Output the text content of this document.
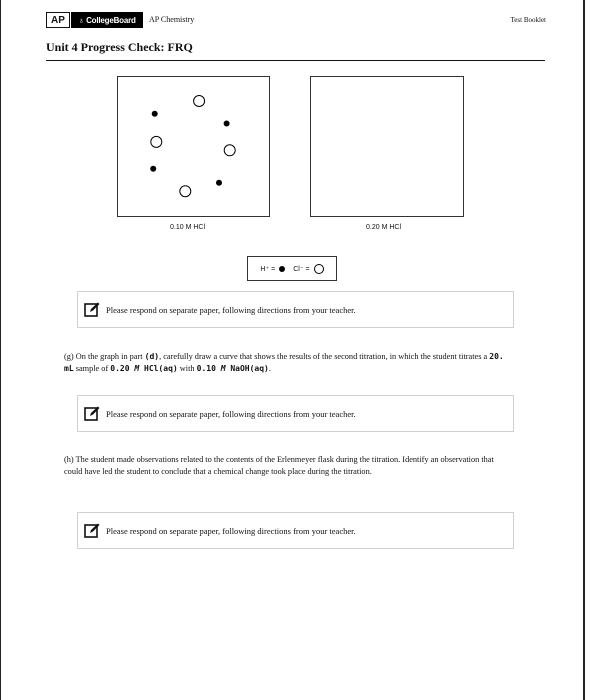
AP ♁ CollegeBoard AP Chemistry	Test Booklet
Unit 4 Progress Check: FRQ
0.10 M HCl	0.20 M HCl
H⁺ =	Cl⁻ =
Please respond on separate paper, following directions from your teacher.
(g) On the graph in part (d), carefully draw a curve that shows the results of the second titration, in which the student titrates a 20. mL sample of 0.20 M HCl(aq) with 0.10 M NaOH(aq).
Please respond on separate paper, following directions from your teacher.
(h) The student made observations related to the contents of the Erlenmeyer flask during the titration. Identify an observation that could have led the student to conclude that a chemical change took place during the titration.
Please respond on separate paper, following directions from your teacher.
